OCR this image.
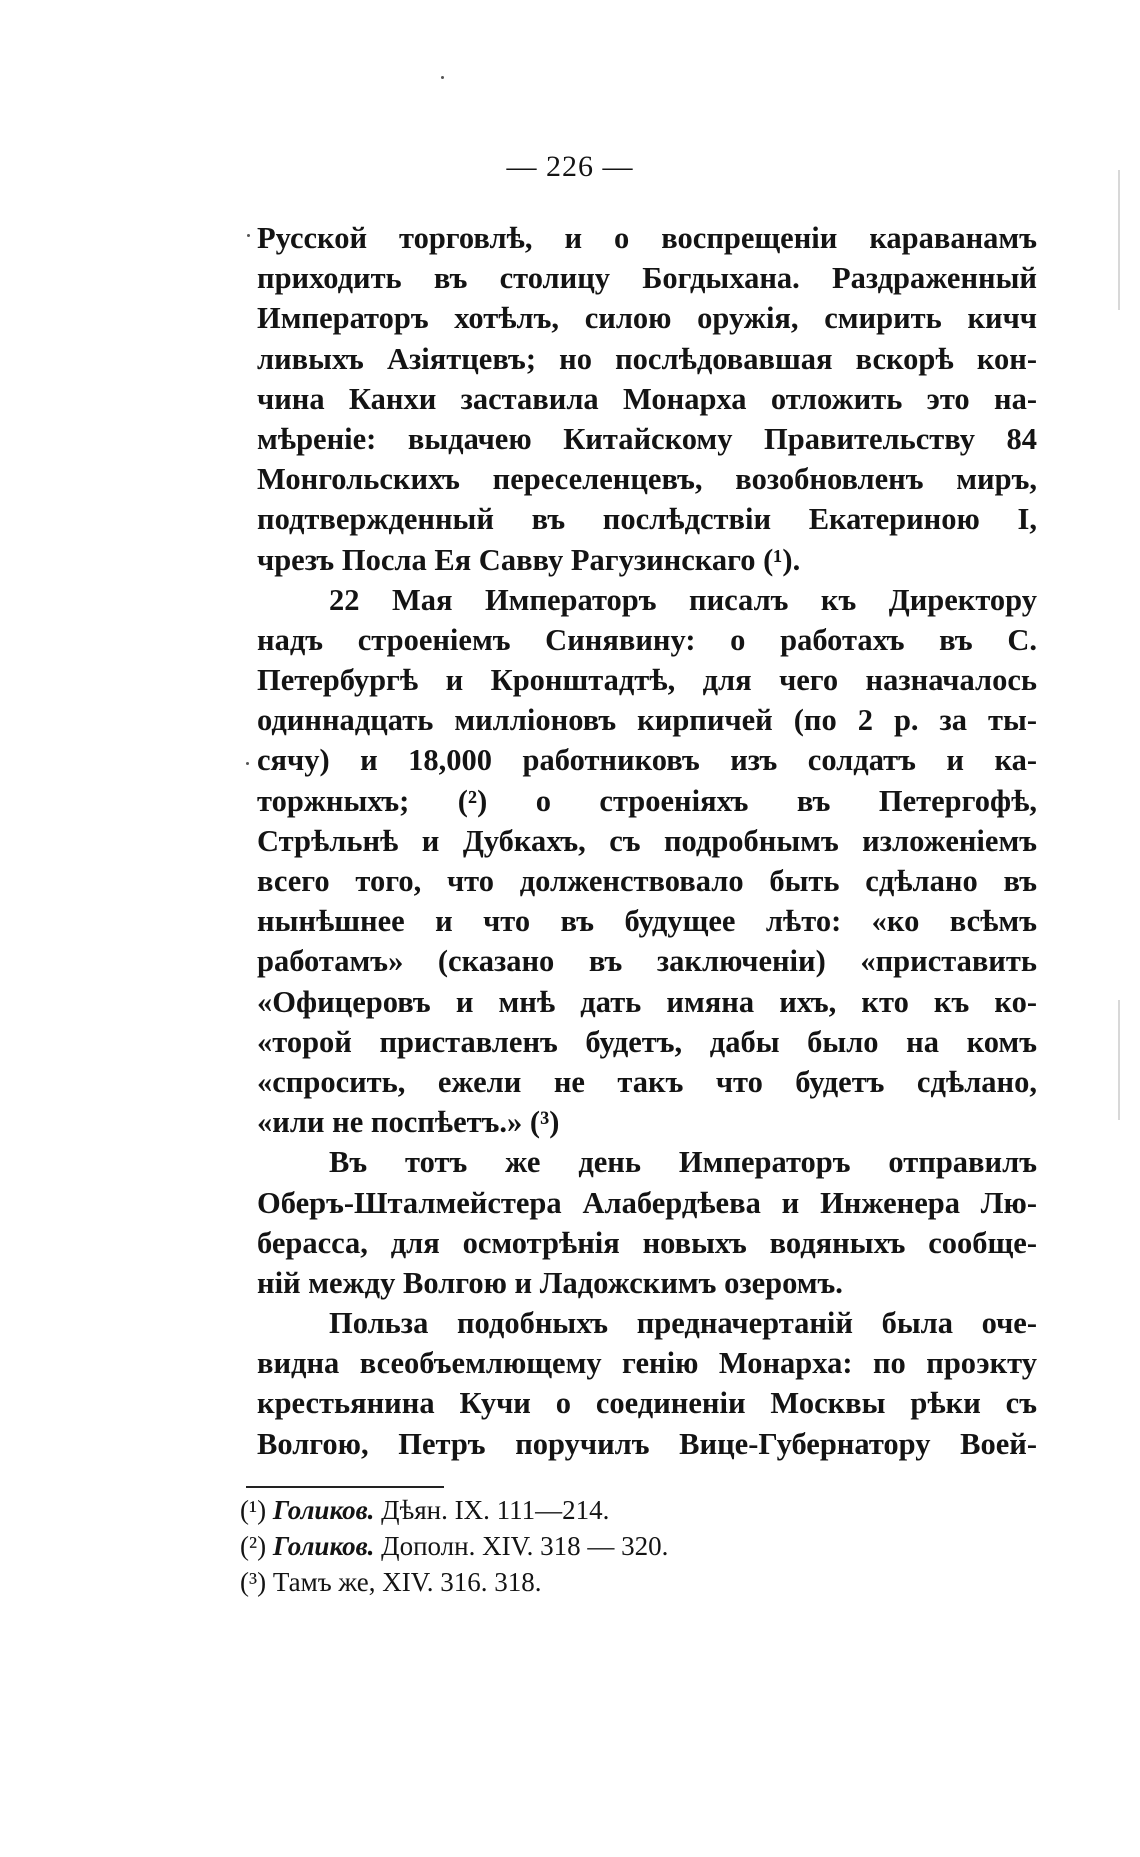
— 226 —
Русской торговлѣ, и о воспрещеніи караванамъ
приходить въ столицу Богдыхана. Раздраженный
Императоръ хотѣлъ, силою оружія, смирить кичч
ливыхъ Азіятцевъ; но послѣдовавшая вскорѣ кон-
чина Канхи заставила Монарха отложить это на-
мѣреніе: выдачею Китайскому Правительству 84
Монгольскихъ переселенцевъ, возобновленъ миръ,
подтвержденный въ послѣдствіи Екатериною I,
чрезъ Посла Ея Савву Рагузинскаго (¹).
22 Мая Императоръ писалъ къ Директору
надъ строеніемъ Синявину: о работахъ въ С.
Петербургѣ и Кронштадтѣ, для чего назначалось
одиннадцать милліоновъ кирпичей (по 2 р. за ты-
сячу) и 18,000 работниковъ изъ солдатъ и ка-
торжныхъ; (²) о строеніяхъ въ Петергофѣ,
Стрѣльнѣ и Дубкахъ, съ подробнымъ изложеніемъ
всего того, что долженствовало быть сдѣлано въ
нынѣшнее и что въ будущее лѣто: «ко всѣмъ
работамъ» (сказано въ заключеніи) «приставить
«Офицеровъ и мнѣ дать имяна ихъ, кто къ ко-
«торой приставленъ будетъ, дабы было на комъ
«спросить, ежели не такъ что будетъ сдѣлано,
«или не поспѣетъ.» (³)
Въ тотъ же день Императоръ отправилъ
Оберъ-Шталмейстера Алабердѣева и Инженера Лю-
берасса, для осмотрѣнія новыхъ водяныхъ сообще-
ній между Волгою и Ладожскимъ озеромъ.
Польза подобныхъ предначертаній была оче-
видна всеобъемлющему генію Монарха: по проэкту
крестьянина Кучи о соединеніи Москвы рѣки съ
Волгою, Петръ поручилъ Вице-Губернатору Воей-
(¹) Голиков. Дѣян. IX. 111—214.
(²) Голиков. Дополн. XIV. 318 — 320.
(³) Тамъ же, XIV. 316. 318.
